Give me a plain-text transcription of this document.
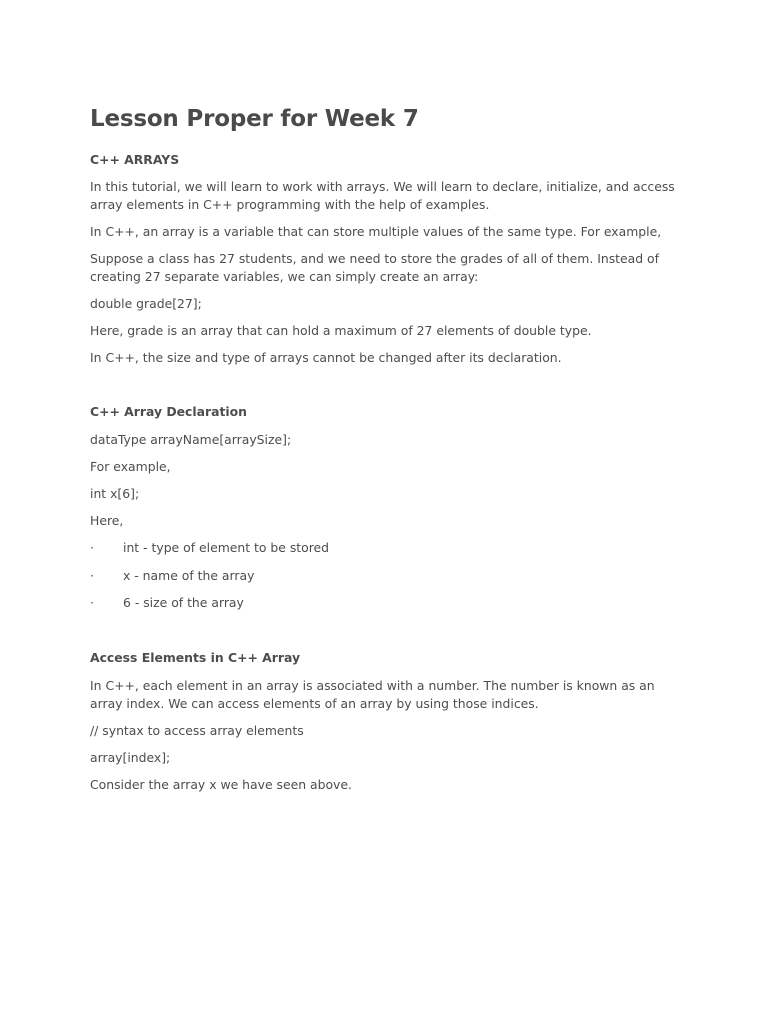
Lesson Proper for Week 7

C++ ARRAYS

In this tutorial, we will learn to work with arrays. We will learn to declare, initialize, and access array elements in C++ programming with the help of examples.

In C++, an array is a variable that can store multiple values of the same type. For example,

Suppose a class has 27 students, and we need to store the grades of all of them. Instead of creating 27 separate variables, we can simply create an array:

double grade[27];

Here, grade is an array that can hold a maximum of 27 elements of double type.

In C++, the size and type of arrays cannot be changed after its declaration.

C++ Array Declaration

dataType arrayName[arraySize];

For example,

int x[6];

Here,

· int - type of element to be stored

· x - name of the array

· 6 - size of the array

Access Elements in C++ Array

In C++, each element in an array is associated with a number. The number is known as an array index. We can access elements of an array by using those indices.

// syntax to access array elements

array[index];

Consider the array x we have seen above.
